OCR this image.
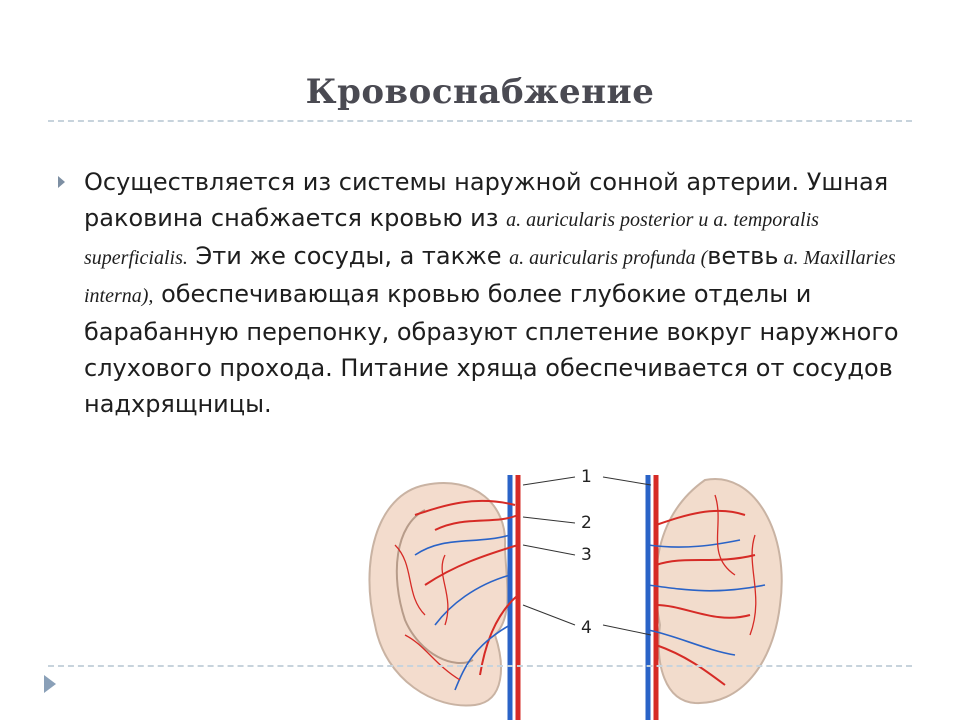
Кровоснабжение
Осуществляется из системы наружной сонной артерии. Ушная раковина снабжается кровью из a. auricularis posterior и a. temporalis superficialis. Эти же сосуды, а также a. auricularis profunda (ветвь a. Maxillaries interna), обеспечивающая кровью более глубокие отделы и барабанную перепонку, образуют сплетение вокруг наружного слухового прохода. Питание хряща обеспечивается от сосудов надхрящницы.
1
2
3
4
